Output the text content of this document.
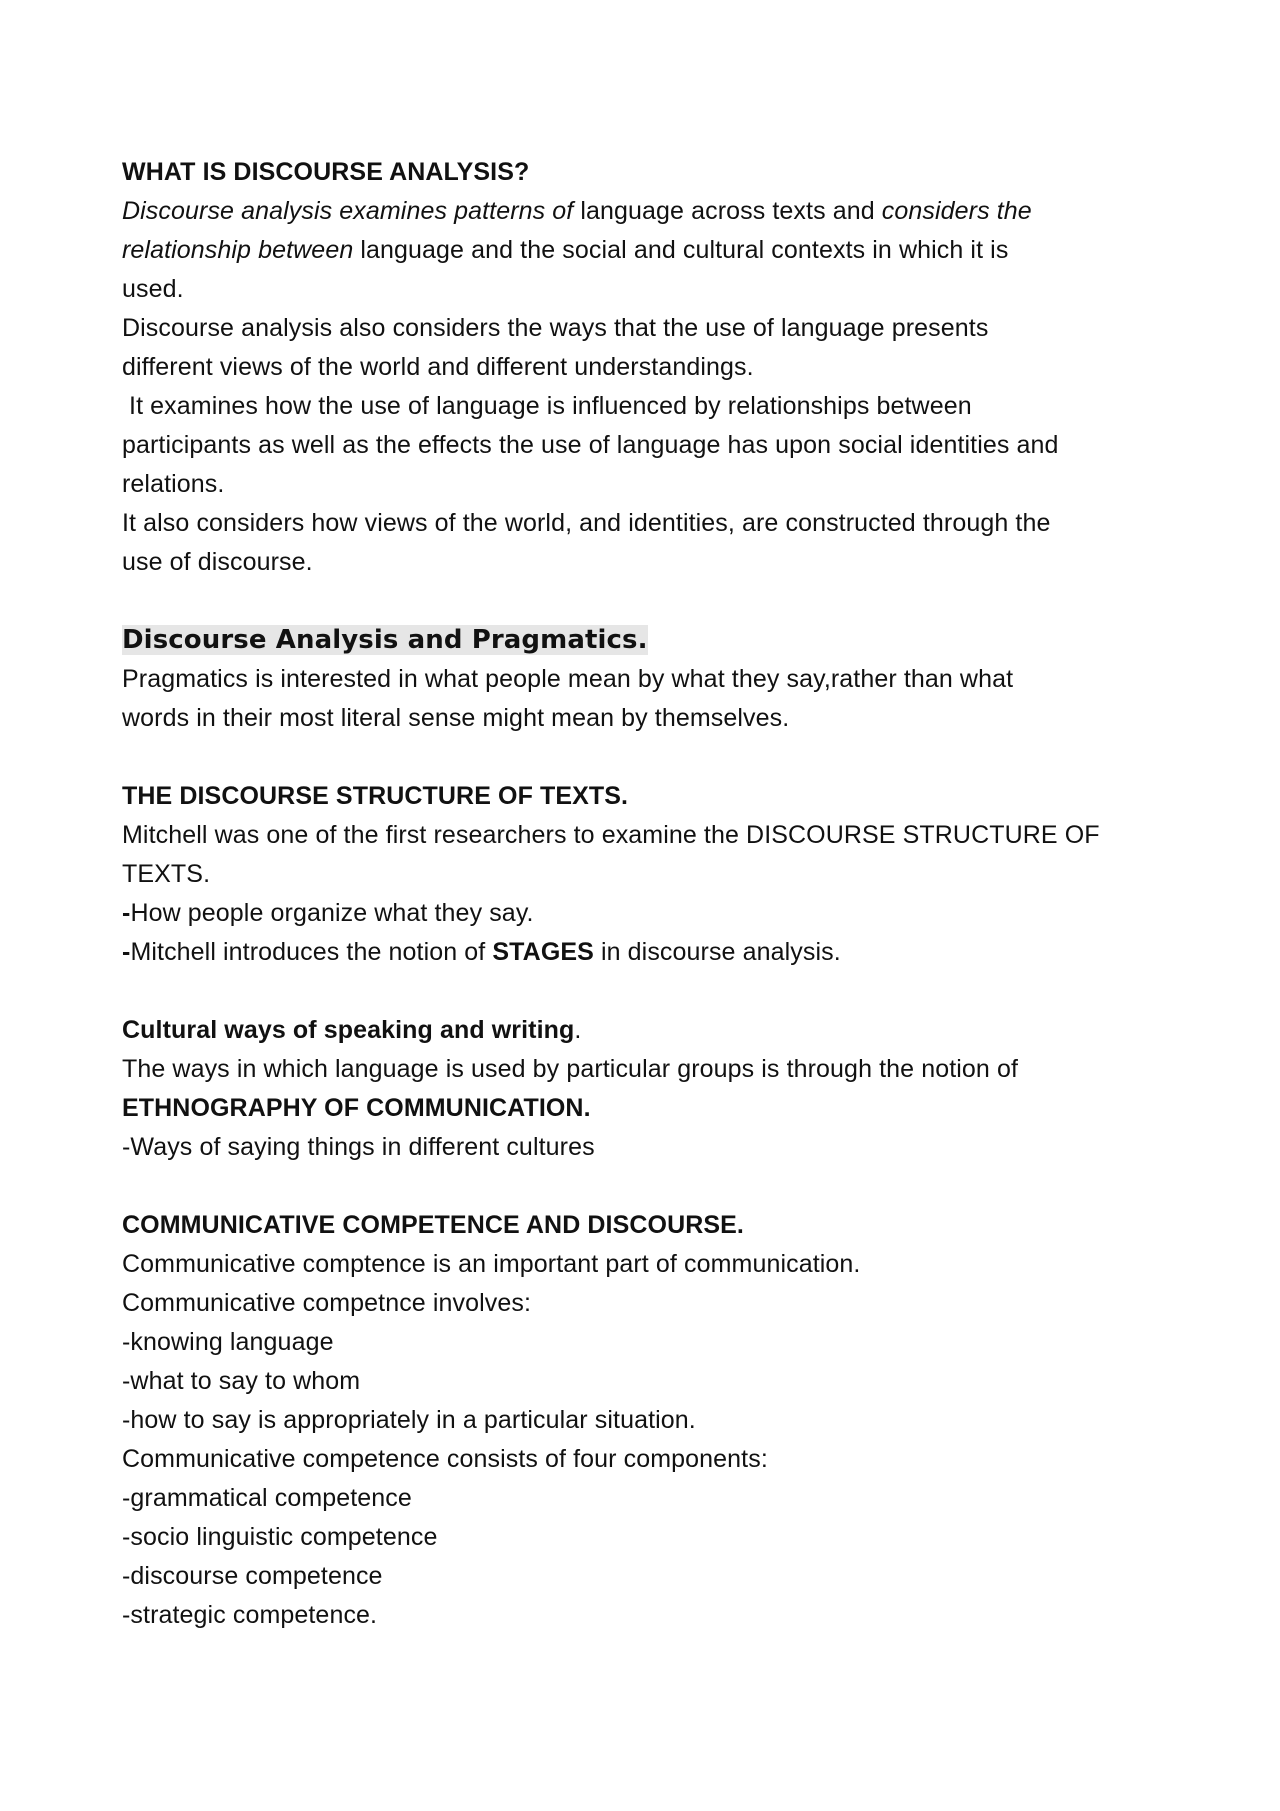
WHAT IS DISCOURSE ANALYSIS?
Discourse analysis examines patterns of language across texts and considers the
relationship between language and the social and cultural contexts in which it is
used.
Discourse analysis also considers the ways that the use of language presents
different views of the world and different understandings.
It examines how the use of language is influenced by relationships between
participants as well as the effects the use of language has upon social identities and
relations.
It also considers how views of the world, and identities, are constructed through the
use of discourse.
Discourse Analysis and Pragmatics.
Pragmatics is interested in what people mean by what they say,rather than what
words in their most literal sense might mean by themselves.
THE DISCOURSE STRUCTURE OF TEXTS.
Mitchell was one of the first researchers to examine the DISCOURSE STRUCTURE OF
TEXTS.
-How people organize what they say.
-Mitchell introduces the notion of STAGES in discourse analysis.
Cultural ways of speaking and writing.
The ways in which language is used by particular groups is through the notion of
ETHNOGRAPHY OF COMMUNICATION.
-Ways of saying things in different cultures
COMMUNICATIVE COMPETENCE AND DISCOURSE.
Communicative comptence is an important part of communication.
Communicative competnce involves:
-knowing language
-what to say to whom
-how to say is appropriately in a particular situation.
Communicative competence consists of four components:
-grammatical competence
-socio linguistic competence
-discourse competence
-strategic competence.
